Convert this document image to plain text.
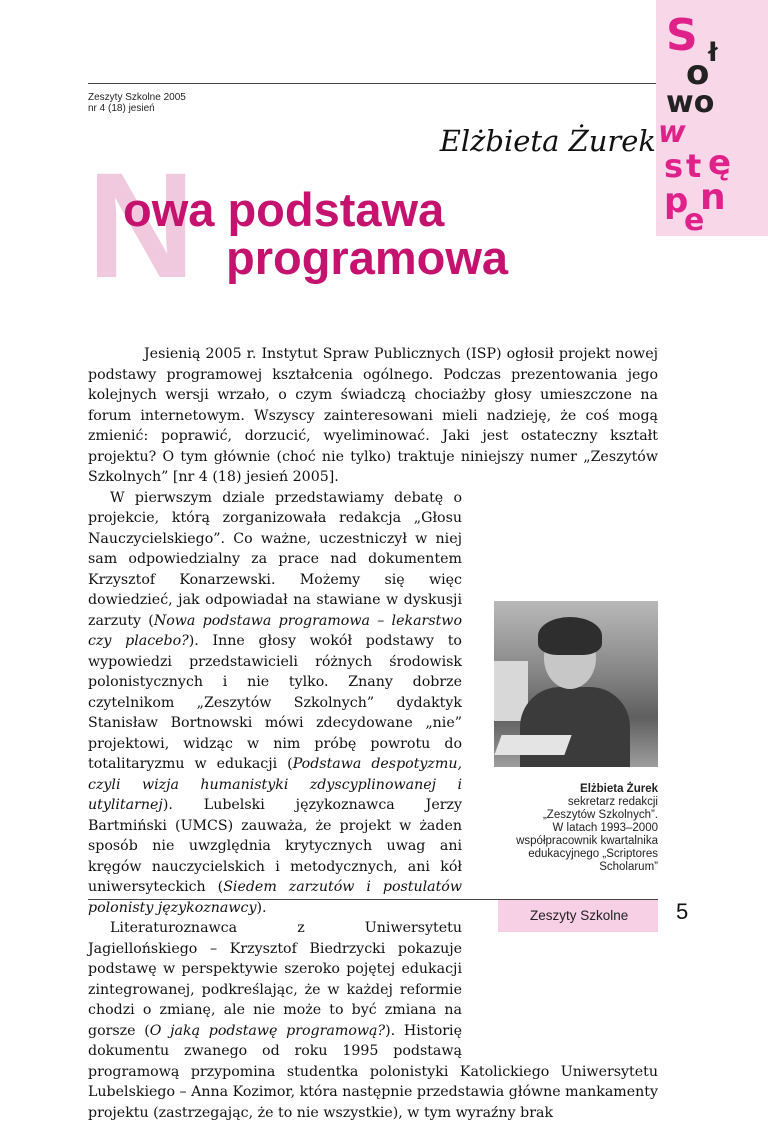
Zeszyty Szkolne 2005
nr 4 (18) jesień
S ł
o
wo
w
s t ę
p n
e
Elżbieta Żurek
N
owa podstawa
programowa

Jesienią 2005 r. Instytut Spraw Publicznych (ISP) ogłosił projekt nowej podstawy programowej kształcenia ogólnego. Podczas prezentowania jego kolejnych wersji wrzało, o czym świadczą chociażby głosy umieszczone na forum internetowym. Wszyscy zainteresowani mieli nadzieję, że coś mogą zmienić: poprawić, dorzucić, wyeliminować. Jaki jest ostateczny kształt projektu? O tym głównie (choć nie tylko) traktuje niniejszy numer „Zeszytów Szkolnych” [nr 4 (18) jesień 2005].

W pierwszym dziale przedstawiamy debatę o projekcie, którą zorganizowała redakcja „Głosu Nauczycielskiego”. Co ważne, uczestniczył w niej sam odpowiedzialny za prace nad dokumentem Krzysztof Konarzewski. Możemy się więc dowiedzieć, jak odpowiadał na stawiane w dyskusji zarzuty (Nowa podstawa programowa – lekarstwo czy placebo?). Inne głosy wokół podstawy to wypowiedzi przedstawicieli różnych środowisk polonistycznych i nie tylko. Znany dobrze czytelnikom „Zeszytów Szkolnych” dydaktyk Stanisław Bortnowski mówi zdecydowane „nie” projektowi, widząc w nim próbę powrotu do totalitaryzmu w edukacji (Podstawa despotyzmu, czyli wizja humanistyki zdyscyplinowanej i utylitarnej). Lubelski językoznawca Jerzy Bartmiński (UMCS) zauważa, że projekt w żaden sposób nie uwzględnia krytycznych uwag ani kręgów nauczycielskich i metodycznych, ani kół uniwersyteckich (Siedem zarzutów i postulatów polonisty językoznawcy).

Literaturoznawca z Uniwersytetu Jagiellońskiego – Krzysztof Biedrzycki pokazuje podstawę w perspektywie szeroko pojętej edukacji zintegrowanej, podkreślając, że w każdej reformie chodzi o zmianę, ale nie może to być zmiana na gorsze (O jaką podstawę programową?). Historię dokumentu zwanego od roku 1995 podstawą programową przypomina studentka polonistyki Katolickiego Uniwersytetu Lubelskiego – Anna Kozimor, która następnie przedstawia główne mankamenty projektu (zastrzegając, że to nie wszystkie), w tym wyraźny brak

Elżbieta Żurek
sekretarz redakcji
„Zeszytów Szkolnych”.
W latach 1993–2000
współpracownik kwartalnika
edukacyjnego „Scriptores
Scholarum”
Zeszyty Szkolne 5
